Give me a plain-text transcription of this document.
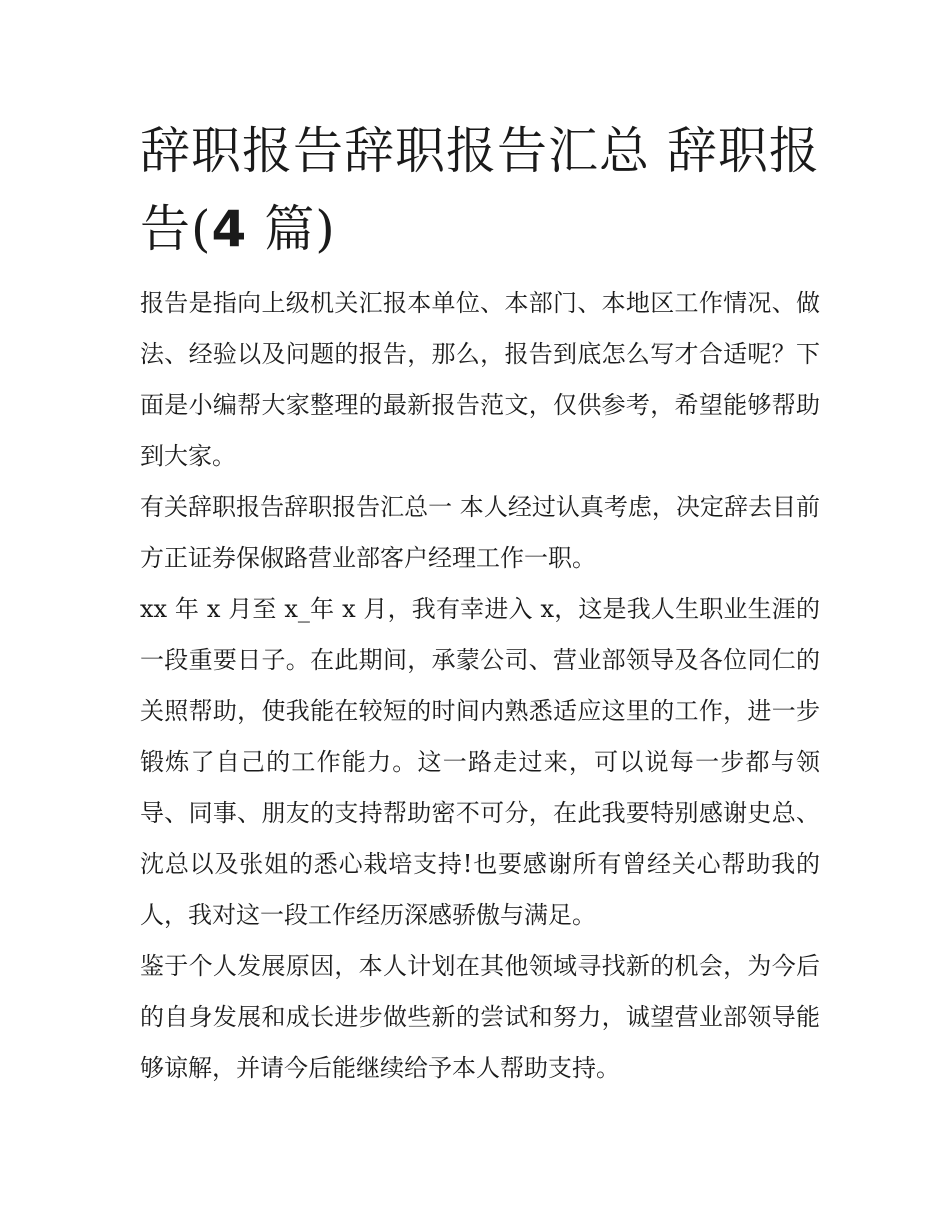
辞职报告辞职报告汇总 辞职报告(4 篇)

报告是指向上级机关汇报本单位、本部门、本地区工作情况、做法、经验以及问题的报告，那么，报告到底怎么写才合适呢？下面是小编帮大家整理的最新报告范文，仅供参考，希望能够帮助到大家。

有关辞职报告辞职报告汇总一 本人经过认真考虑，决定辞去目前方正证券保俶路营业部客户经理工作一职。

xx 年 x 月至 x_年 x 月，我有幸进入 x，这是我人生职业生涯的一段重要日子。在此期间，承蒙公司、营业部领导及各位同仁的关照帮助，使我能在较短的时间内熟悉适应这里的工作，进一步锻炼了自己的工作能力。这一路走过来，可以说每一步都与领导、同事、朋友的支持帮助密不可分，在此我要特别感谢史总、沈总以及张姐的悉心栽培支持!也要感谢所有曾经关心帮助我的人，我对这一段工作经历深感骄傲与满足。

鉴于个人发展原因，本人计划在其他领域寻找新的机会，为今后的自身发展和成长进步做些新的尝试和努力，诚望营业部领导能够谅解，并请今后能继续给予本人帮助支持。
